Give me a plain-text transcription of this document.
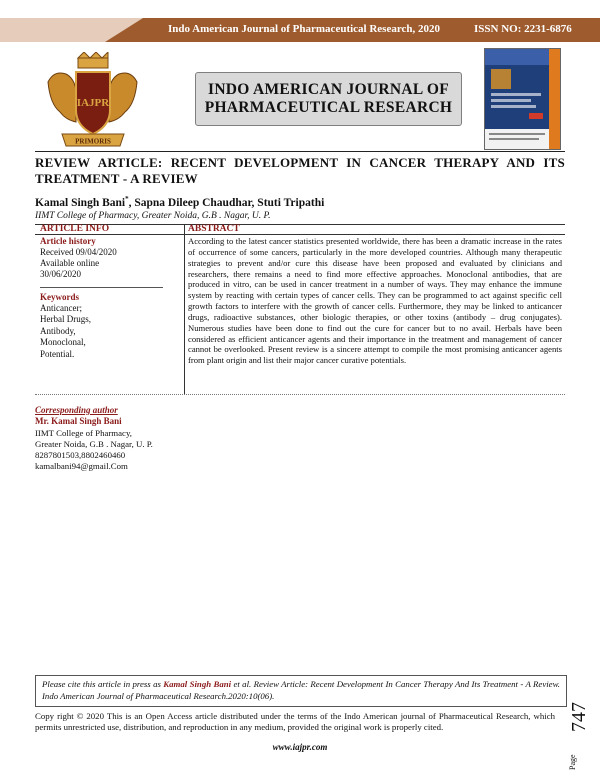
Indo American Journal of Pharmaceutical Research, 2020	ISSN NO: 2231-6876
IAJPR
PRIMORIS
INDO AMERICAN JOURNAL OF
PHARMACEUTICAL RESEARCH
REVIEW ARTICLE: RECENT DEVELOPMENT IN CANCER THERAPY AND ITS TREATMENT - A REVIEW
Kamal Singh Bani*, Sapna Dileep Chaudhar, Stuti Tripathi
IIMT College of Pharmacy, Greater Noida, G.B . Nagar, U. P.
ARTICLE INFO	ABSTRACT
Article history
Received 09/04/2020
Available online
30/06/2020
Keywords
Anticancer;
Herbal Drugs,
Antibody,
Monoclonal,
Potential.
According to the latest cancer statistics presented worldwide, there has been a dramatic increase in the rates of occurrence of some cancers, particularly in the more developed countries. Although many therapeutic strategies to prevent and/or cure this disease have been proposed and evaluated by clinicians and researchers, there remains a need to find more effective approaches. Monoclonal antibodies, that are produced in vitro, can be used in cancer treatment in a number of ways. They may enhance the immune system by reacting with certain types of cancer cells. They can be programmed to act against specific cell growth factors to interfere with the growth of cancer cells. Furthermore, they may be linked to anticancer drugs, radioactive substances, other biologic therapies, or other toxins (antibody – drug conjugates). Numerous studies have been done to find out the cure for cancer but to no avail. Herbals have been considered as efficient anticancer agents and their importance in the treatment and management of cancer cannot be overlooked. Present review is a sincere attempt to compile the most promising anticancer agents from plant origin and list their major cancer curative potentials.
Corresponding author
Mr. Kamal Singh Bani
IIMT College of Pharmacy,
Greater Noida, G.B . Nagar, U. P.
8287801503,8802460460
kamalbani94@gmail.Com
Please cite this article in press as Kamal Singh Bani et al. Review Article: Recent Development In Cancer Therapy And Its Treatment - A Review. Indo American Journal of Pharmaceutical Research.2020:10(06).
Copy right © 2020 This is an Open Access article distributed under the terms of the Indo American journal of Pharmaceutical Research, which permits unrestricted use, distribution, and reproduction in any medium, provided the original work is properly cited.	747
Page
www.iajpr.com
